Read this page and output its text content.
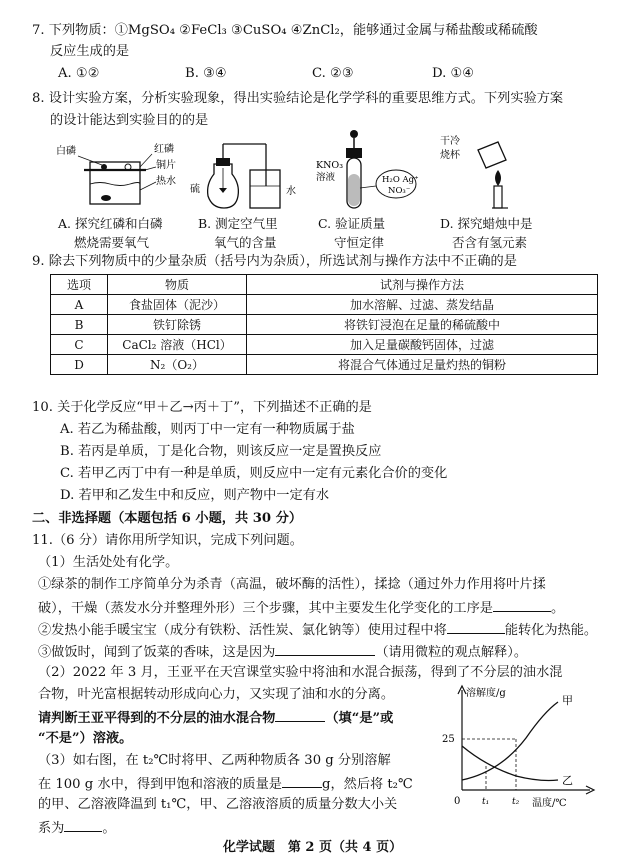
7. 下列物质：①MgSO₄ ②FeCl₃ ③CuSO₄ ④ZnCl₂，能够通过金属与稀盐酸或稀硫酸
反应生成的是
A. ①②	B. ③④	C. ②③	D. ①④
8. 设计实验方案，分析实验现象，得出实验结论是化学学科的重要思维方式。下列实验方案
的设计能达到实验目的的是
白磷	红磷
铜片
热水
硫	水
H₂O Ag⁺
NO₃⁻
KNO₃
溶液
干冷
烧杯
A. 探究红磷和白磷
燃烧需要氧气
B. 测定空气里
氧气的含量
C. 验证质量
守恒定律
D. 探究蜡烛中是
否含有氢元素
9. 除去下列物质中的少量杂质（括号内为杂质），所选试剂与操作方法中不正确的是
选项	物质	试剂与操作方法
A	食盐固体（泥沙）	加水溶解、过滤、蒸发结晶
B	铁钉除锈	将铁钉浸泡在足量的稀硫酸中
C	CaCl₂ 溶液（HCl）	加入足量碳酸钙固体，过滤
D	N₂（O₂）	将混合气体通过足量灼热的铜粉
10. 关于化学反应“甲＋乙→丙＋丁”，下列描述不正确的是
A. 若乙为稀盐酸，则丙丁中一定有一种物质属于盐
B. 若丙是单质，丁是化合物，则该反应一定是置换反应
C. 若甲乙丙丁中有一种是单质，则反应中一定有元素化合价的变化
D. 若甲和乙发生中和反应，则产物中一定有水
二、非选择题（本题包括 6 小题，共 30 分）
11.（6 分）请你用所学知识，完成下列问题。
（1）生活处处有化学。
①绿茶的制作工序简单分为杀青（高温，破坏酶的活性），揉捻（通过外力作用将叶片揉
破），干燥（蒸发水分并整理外形）三个步骤，其中主要发生化学变化的工序是	。
②发热小能手暖宝宝（成分有铁粉、活性炭、氯化钠等）使用过程中将	能转化为热能。
③做饭时，闻到了饭菜的香味，这是因为	（请用微粒的观点解释）。
（2）2022 年 3 月，王亚平在天宫课堂实验中将油和水混合振荡，得到了不分层的油水混
合物，叶光富根据转动形成向心力，又实现了油和水的分离。
请判断王亚平得到的不分层的油水混合物	（填“是”或
“不是”）溶液。
（3）如右图，在 t₂℃时将甲、乙两种物质各 30 g 分别溶解
在 100 g 水中，得到甲饱和溶液的质量是	g，然后将 t₂℃
的甲、乙溶液降温到 t₁℃，甲、乙溶液溶质的质量分数大小关
系为	。
溶解度/g
温度/℃
0
25
t₁	t₂
甲
乙
化学试题　第 2 页（共 4 页）
